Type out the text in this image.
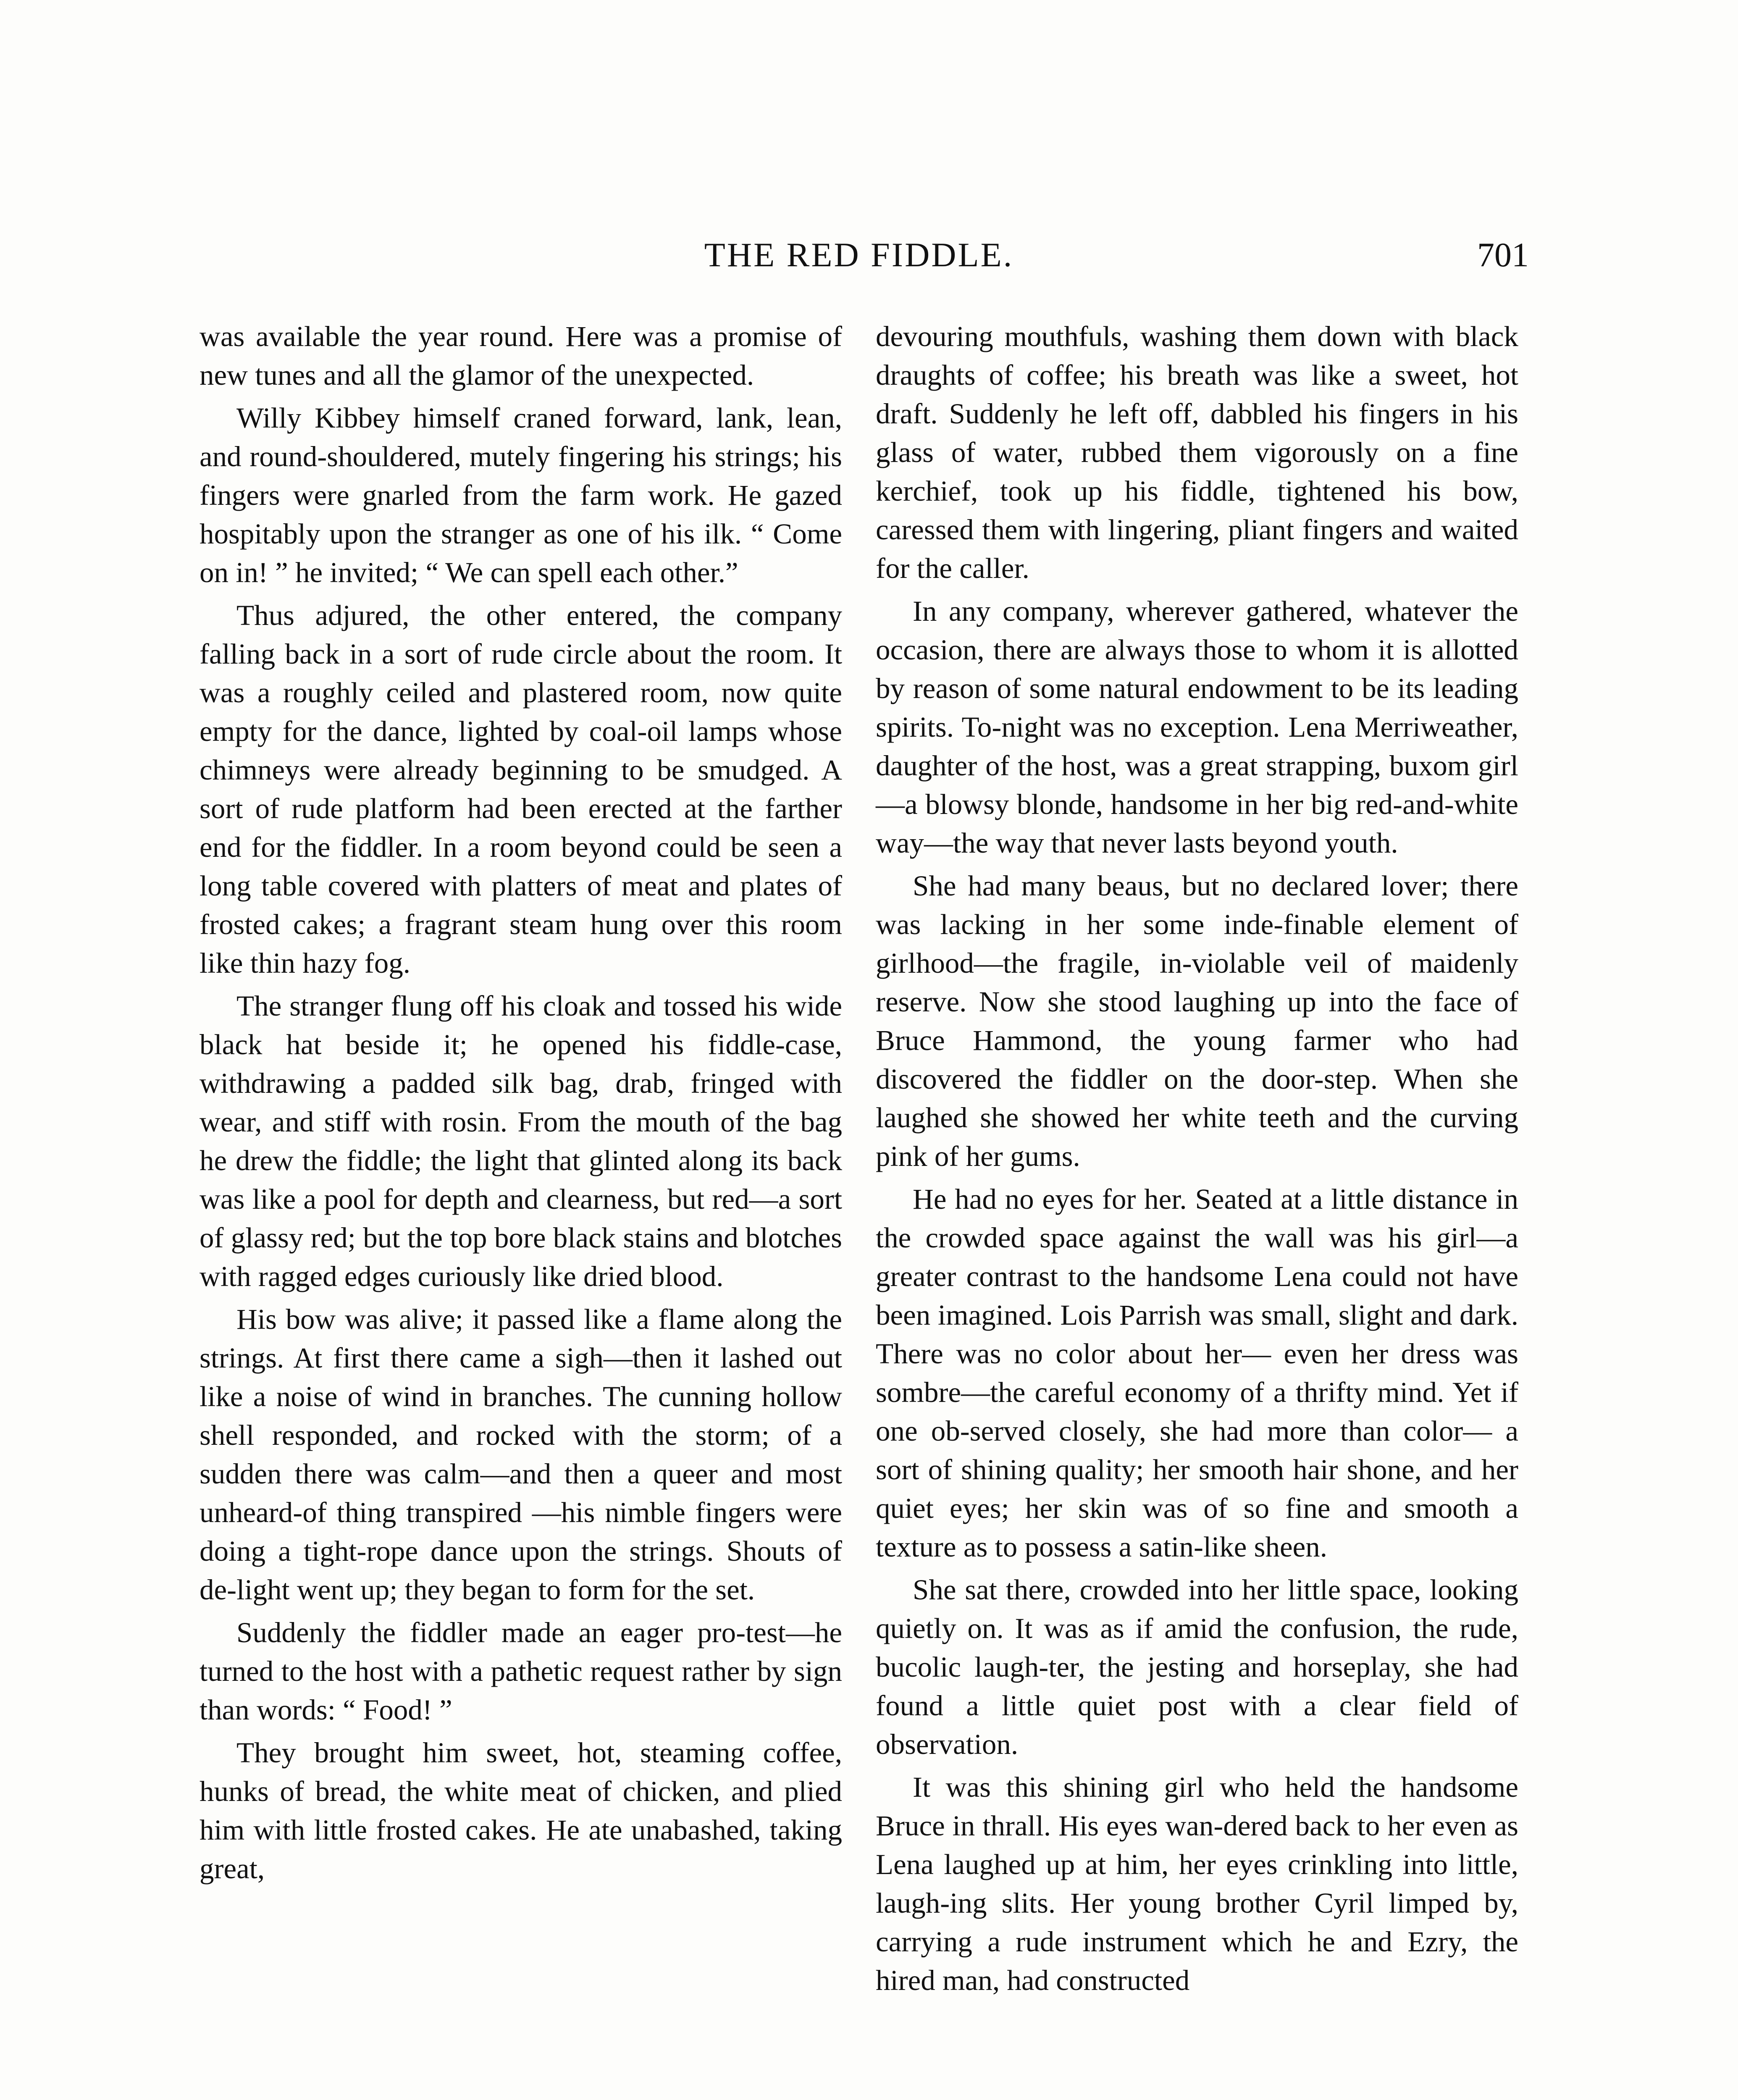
THE RED FIDDLE.	701

was available the year round. Here was a promise of new tunes and all the glamor of the unexpected.

Willy Kibbey himself craned forward, lank, lean, and round-shouldered, mutely fingering his strings; his fingers were gnarled from the farm work. He gazed hospitably upon the stranger as one of his ilk. “ Come on in! ” he invited; “ We can spell each other.”

Thus adjured, the other entered, the company falling back in a sort of rude circle about the room. It was a roughly ceiled and plastered room, now quite empty for the dance, lighted by coal-oil lamps whose chimneys were already beginning to be smudged. A sort of rude platform had been erected at the farther end for the fiddler. In a room beyond could be seen a long table covered with platters of meat and plates of frosted cakes; a fragrant steam hung over this room like thin hazy fog.

The stranger flung off his cloak and tossed his wide black hat beside it; he opened his fiddle-case, withdrawing a padded silk bag, drab, fringed with wear, and stiff with rosin. From the mouth of the bag he drew the fiddle; the light that glinted along its back was like a pool for depth and clearness, but red—a sort of glassy red; but the top bore black stains and blotches with ragged edges curiously like dried blood.

His bow was alive; it passed like a flame along the strings. At first there came a sigh—then it lashed out like a noise of wind in branches. The cunning hollow shell responded, and rocked with the storm; of a sudden there was calm—and then a queer and most unheard-of thing transpired —his nimble fingers were doing a tight-rope dance upon the strings. Shouts of de-light went up; they began to form for the set.

Suddenly the fiddler made an eager pro-test—he turned to the host with a pathetic request rather by sign than words: “ Food! ”

They brought him sweet, hot, steaming coffee, hunks of bread, the white meat of chicken, and plied him with little frosted cakes. He ate unabashed, taking great,

devouring mouthfuls, washing them down with black draughts of coffee; his breath was like a sweet, hot draft. Suddenly he left off, dabbled his fingers in his glass of water, rubbed them vigorously on a fine kerchief, took up his fiddle, tightened his bow, caressed them with lingering, pliant fingers and waited for the caller.

In any company, wherever gathered, whatever the occasion, there are always those to whom it is allotted by reason of some natural endowment to be its leading spirits. To-night was no exception. Lena Merriweather, daughter of the host, was a great strapping, buxom girl—a blowsy blonde, handsome in her big red-and-white way—the way that never lasts beyond youth.

She had many beaus, but no declared lover; there was lacking in her some inde-finable element of girlhood—the fragile, in-violable veil of maidenly reserve. Now she stood laughing up into the face of Bruce Hammond, the young farmer who had discovered the fiddler on the door-step. When she laughed she showed her white teeth and the curving pink of her gums.

He had no eyes for her. Seated at a little distance in the crowded space against the wall was his girl—a greater contrast to the handsome Lena could not have been imagined. Lois Parrish was small, slight and dark. There was no color about her— even her dress was sombre—the careful economy of a thrifty mind. Yet if one ob-served closely, she had more than color— a sort of shining quality; her smooth hair shone, and her quiet eyes; her skin was of so fine and smooth a texture as to possess a satin-like sheen.

She sat there, crowded into her little space, looking quietly on. It was as if amid the confusion, the rude, bucolic laugh-ter, the jesting and horseplay, she had found a little quiet post with a clear field of observation.

It was this shining girl who held the handsome Bruce in thrall. His eyes wan-dered back to her even as Lena laughed up at him, her eyes crinkling into little, laugh-ing slits. Her young brother Cyril limped by, carrying a rude instrument which he and Ezry, the hired man, had constructed
